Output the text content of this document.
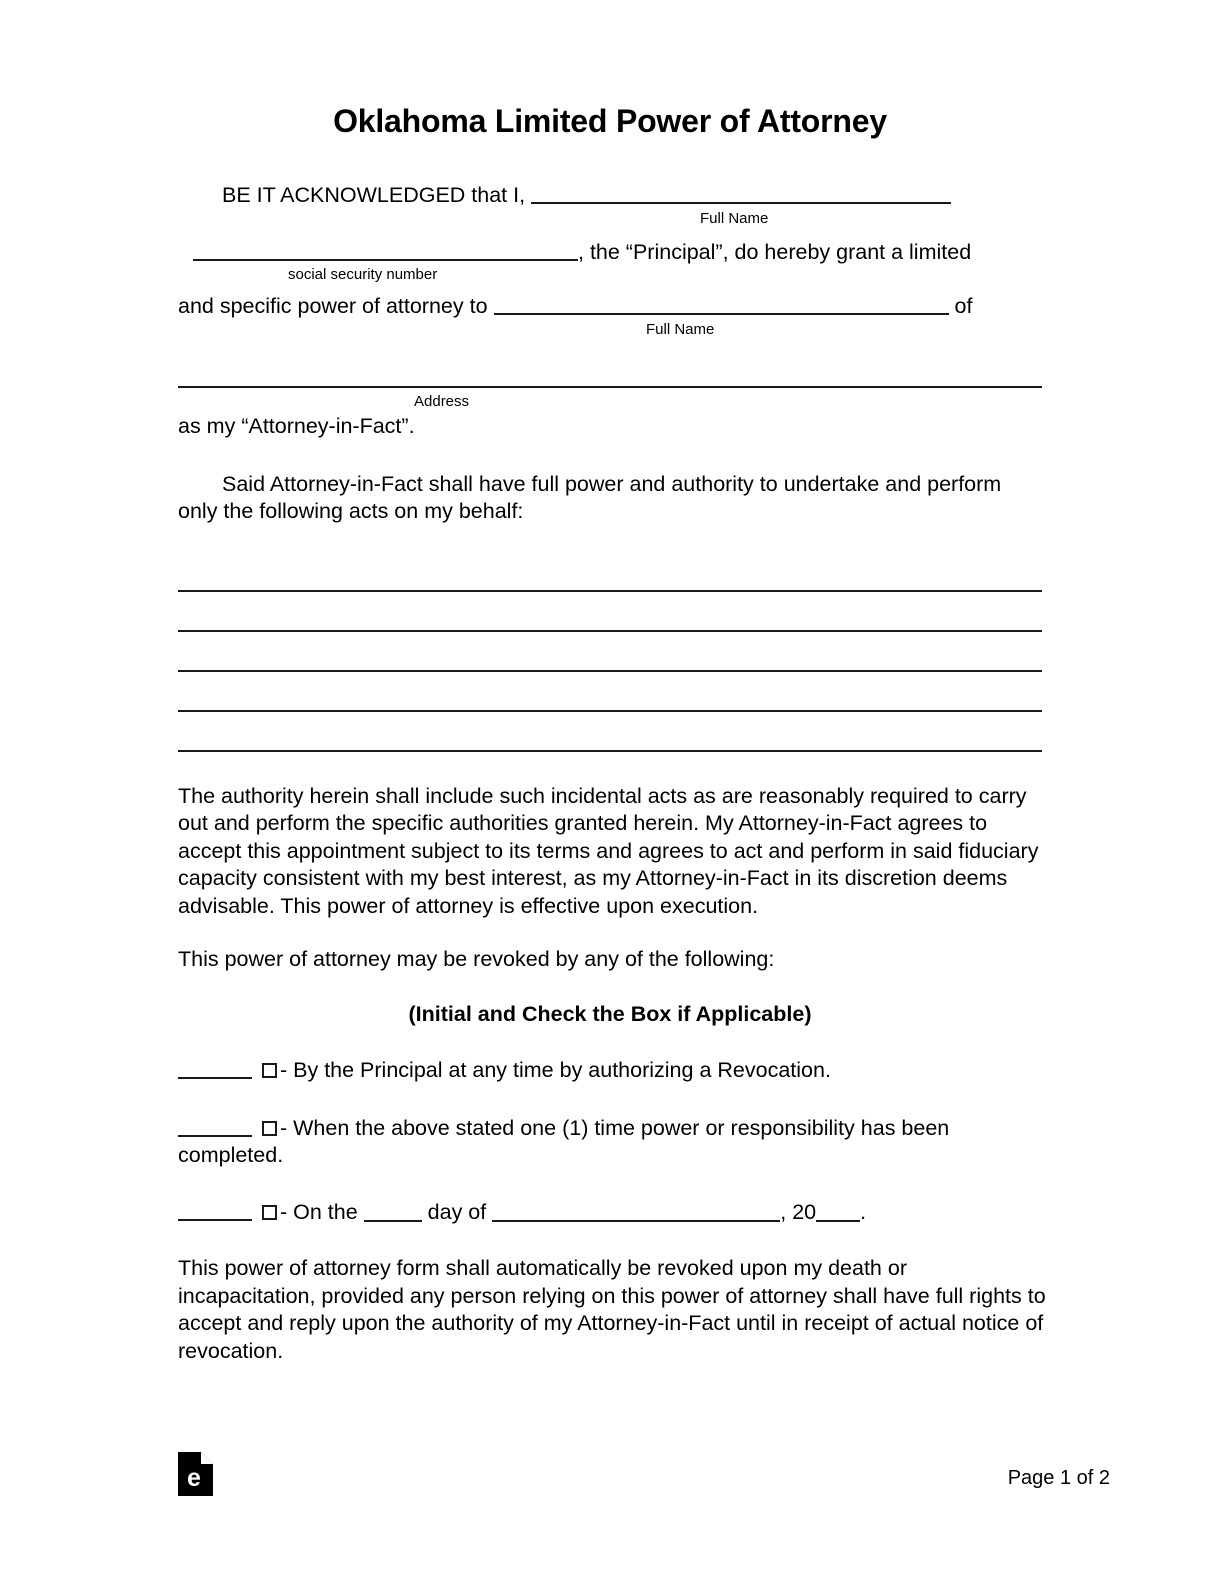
Oklahoma Limited Power of Attorney
BE IT ACKNOWLEDGED that I,
Full Name
, the “Principal”, do hereby grant a limited
social security number
and specific power of attorney to	of
Full Name
Address
as my “Attorney-in-Fact”.
Said Attorney-in-Fact shall have full power and authority to undertake and perform only the following acts on my behalf:
The authority herein shall include such incidental acts as are reasonably required to carry out and perform the specific authorities granted herein. My Attorney-in-Fact agrees to accept this appointment subject to its terms and agrees to act and perform in said fiduciary capacity consistent with my best interest, as my Attorney-in-Fact in its discretion deems advisable. This power of attorney is effective upon execution.
This power of attorney may be revoked by any of the following:
(Initial and Check the Box if Applicable)
- By the Principal at any time by authorizing a Revocation.
- When the above stated one (1) time power or responsibility has been completed.
- On the	day of	, 20 .
This power of attorney form shall automatically be revoked upon my death or incapacitation, provided any person relying on this power of attorney shall have full rights to accept and reply upon the authority of my Attorney-in-Fact until in receipt of actual notice of revocation.
e	Page 1 of 2
